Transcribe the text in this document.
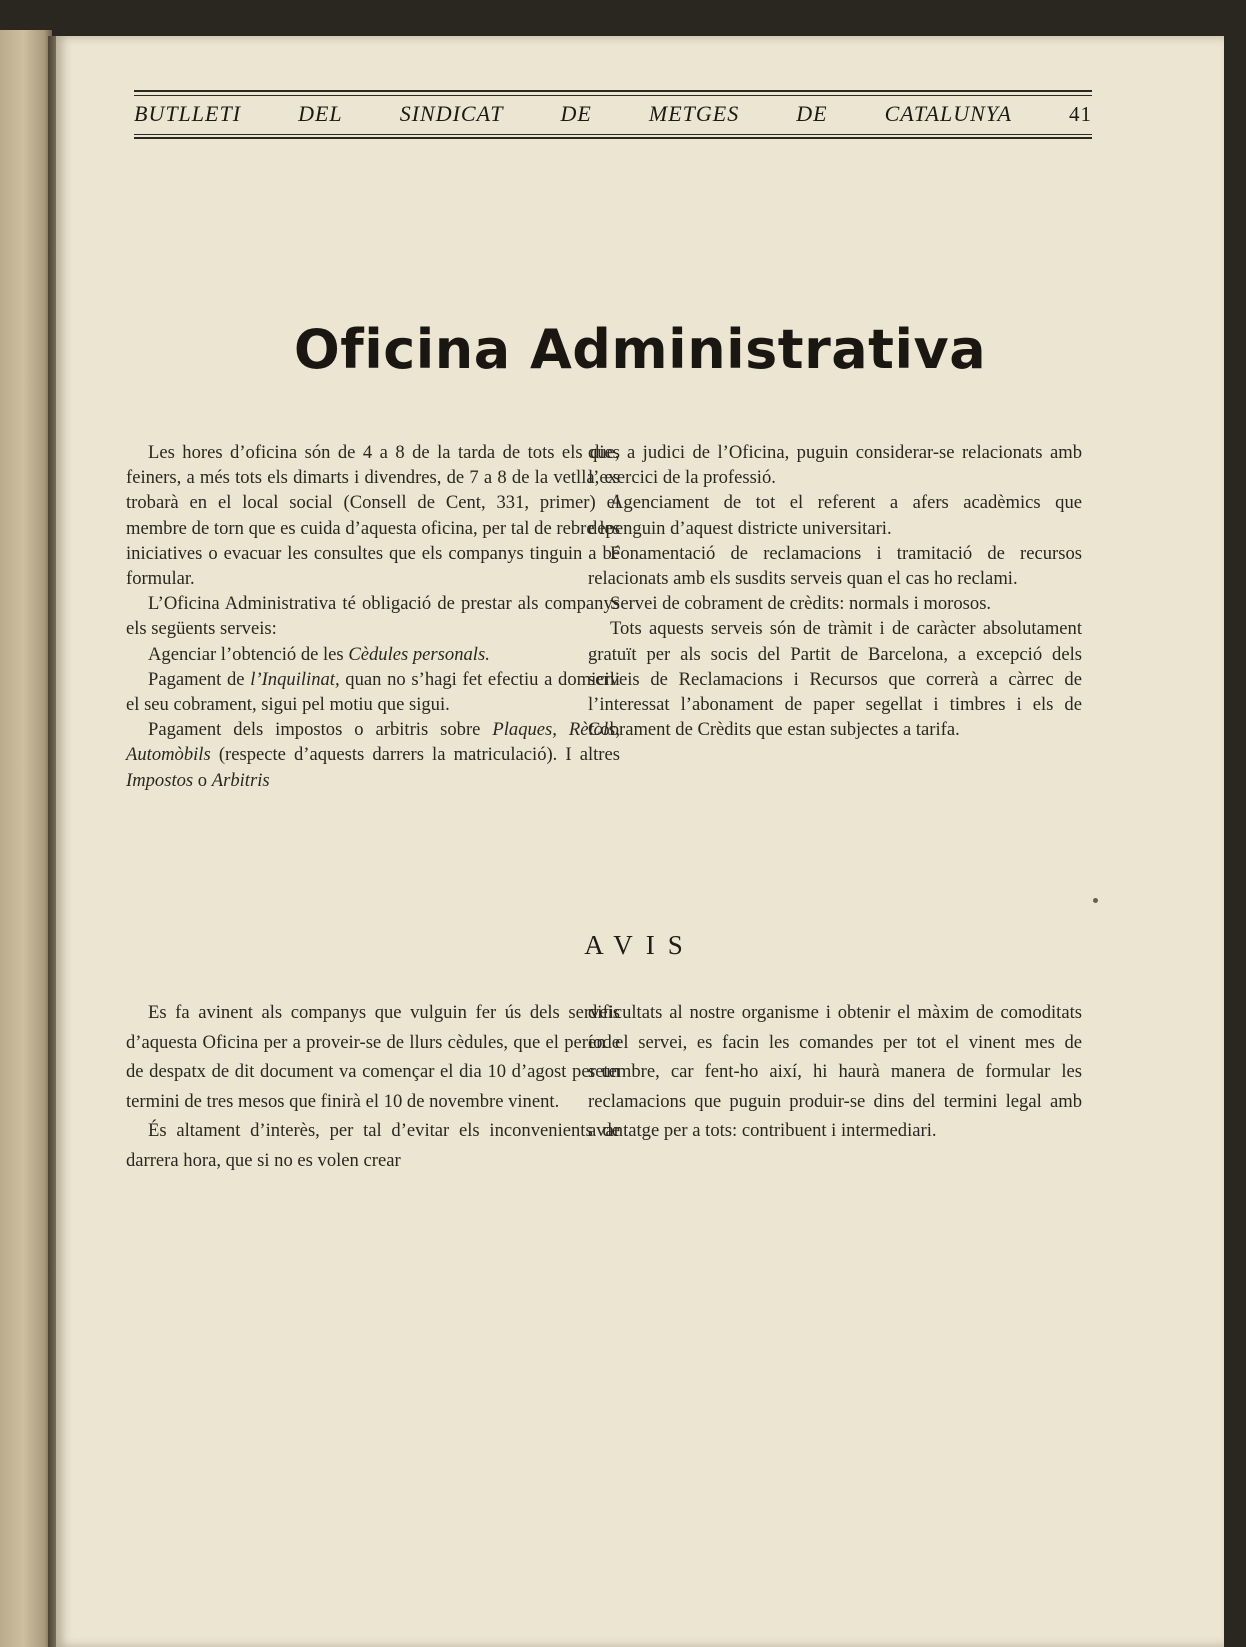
BUTLLETI	DEL	SINDICAT	DE	METGES	DE	CATALUNYA	41
Oficina Administrativa

Les hores d’oficina són de 4 a 8 de la tarda de tots els dies feiners, a més tots els dimarts i divendres, de 7 a 8 de la vetlla, es trobarà en el local social (Consell de Cent, 331, primer) el membre de torn que es cuida d’aquesta oficina, per tal de rebre les iniciatives o evacuar les consultes que els companys tinguin a bé formular.

L’Oficina Administrativa té obligació de prestar als companys els següents serveis:

Agenciar l’obtenció de les Cèdules personals.

Pagament de l’Inquilinat, quan no s’hagi fet efectiu a domicili el seu cobrament, sigui pel motiu que sigui.

Pagament dels impostos o arbitris sobre Plaques, Rètols, Automòbils (respecte d’aquests darrers la matriculació). I altres Impostos o Arbitris

que, a judici de l’Oficina, puguin considerar-se relacionats amb l’exercici de la professió.

Agenciament de tot el referent a afers acadèmics que depenguin d’aquest districte universitari.

Fonamentació de reclamacions i tramitació de recursos relacionats amb els susdits serveis quan el cas ho reclami.

Servei de cobrament de crèdits: normals i morosos.

Tots aquests serveis són de tràmit i de caràcter absolutament gratuït per als socis del Partit de Barcelona, a excepció dels serveis de Reclamacions i Recursos que correrà a càrrec de l’interessat l’abonament de paper segellat i timbres i els de Cobrament de Crèdits que estan subjectes a tarifa.

AVIS

Es fa avinent als companys que vulguin fer ús dels serveis d’aquesta Oficina per a proveir-se de llurs cèdules, que el període de despatx de dit document va començar el dia 10 d’agost per un termini de tres mesos que finirà el 10 de novembre vinent.

És altament d’interès, per tal d’evitar els inconvenients de darrera hora, que si no es volen crear

dificultats al nostre organisme i obtenir el màxim de comoditats en el servei, es facin les comandes per tot el vinent mes de setembre, car fent-ho així, hi haurà manera de formular les reclamacions que puguin produir-se dins del termini legal amb avantatge per a tots: contribuent i intermediari.
